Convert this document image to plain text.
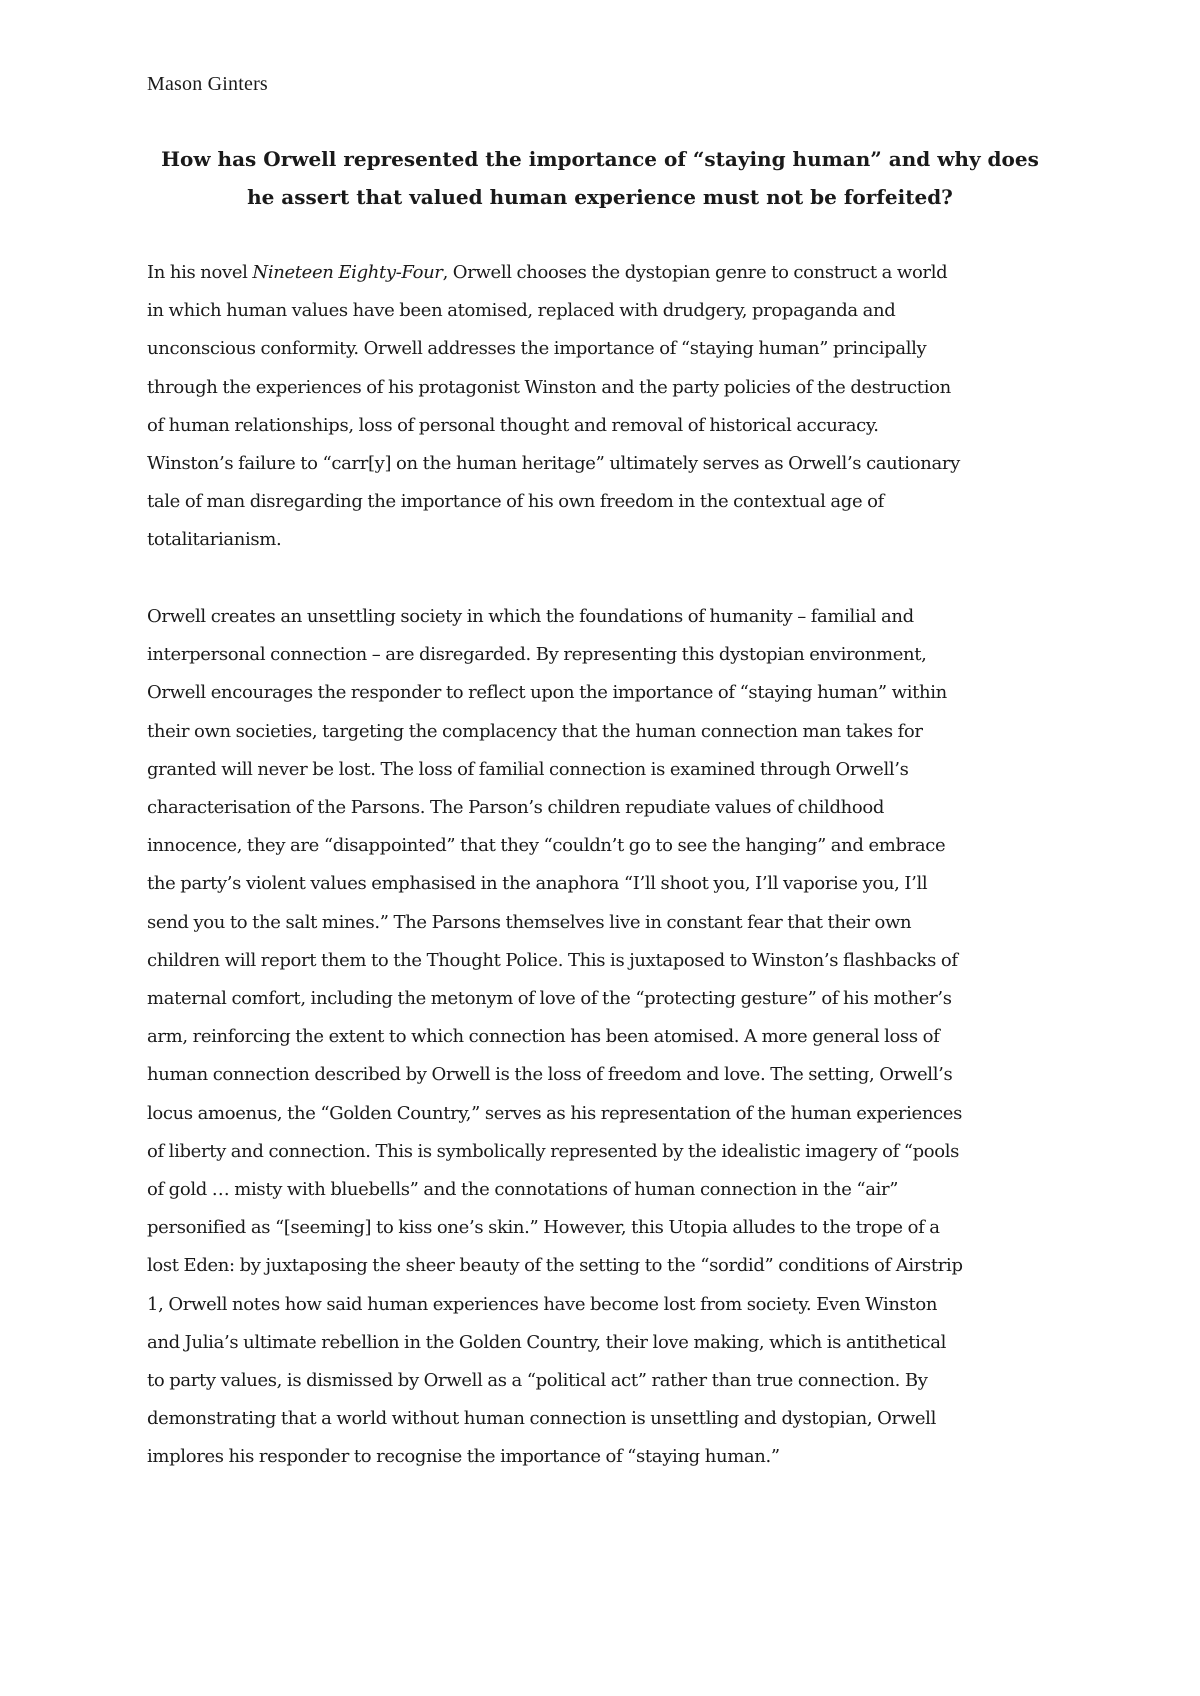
Mason Ginters
How has Orwell represented the importance of “staying human” and why does
he assert that valued human experience must not be forfeited?
In his novel Nineteen Eighty-Four, Orwell chooses the dystopian genre to construct a world
in which human values have been atomised, replaced with drudgery, propaganda and
unconscious conformity. Orwell addresses the importance of “staying human” principally
through the experiences of his protagonist Winston and the party policies of the destruction
of human relationships, loss of personal thought and removal of historical accuracy.
Winston’s failure to “carr[y] on the human heritage” ultimately serves as Orwell’s cautionary
tale of man disregarding the importance of his own freedom in the contextual age of
totalitarianism.
Orwell creates an unsettling society in which the foundations of humanity – familial and
interpersonal connection – are disregarded. By representing this dystopian environment,
Orwell encourages the responder to reflect upon the importance of “staying human” within
their own societies, targeting the complacency that the human connection man takes for
granted will never be lost. The loss of familial connection is examined through Orwell’s
characterisation of the Parsons. The Parson’s children repudiate values of childhood
innocence, they are “disappointed” that they “couldn’t go to see the hanging” and embrace
the party’s violent values emphasised in the anaphora “I’ll shoot you, I’ll vaporise you, I’ll
send you to the salt mines.” The Parsons themselves live in constant fear that their own
children will report them to the Thought Police. This is juxtaposed to Winston’s flashbacks of
maternal comfort, including the metonym of love of the “protecting gesture” of his mother’s
arm, reinforcing the extent to which connection has been atomised. A more general loss of
human connection described by Orwell is the loss of freedom and love. The setting, Orwell’s
locus amoenus, the “Golden Country,” serves as his representation of the human experiences
of liberty and connection. This is symbolically represented by the idealistic imagery of “pools
of gold … misty with bluebells” and the connotations of human connection in the “air”
personified as “[seeming] to kiss one’s skin.” However, this Utopia alludes to the trope of a
lost Eden: by juxtaposing the sheer beauty of the setting to the “sordid” conditions of Airstrip
1, Orwell notes how said human experiences have become lost from society. Even Winston
and Julia’s ultimate rebellion in the Golden Country, their love making, which is antithetical
to party values, is dismissed by Orwell as a “political act” rather than true connection. By
demonstrating that a world without human connection is unsettling and dystopian, Orwell
implores his responder to recognise the importance of “staying human.”
